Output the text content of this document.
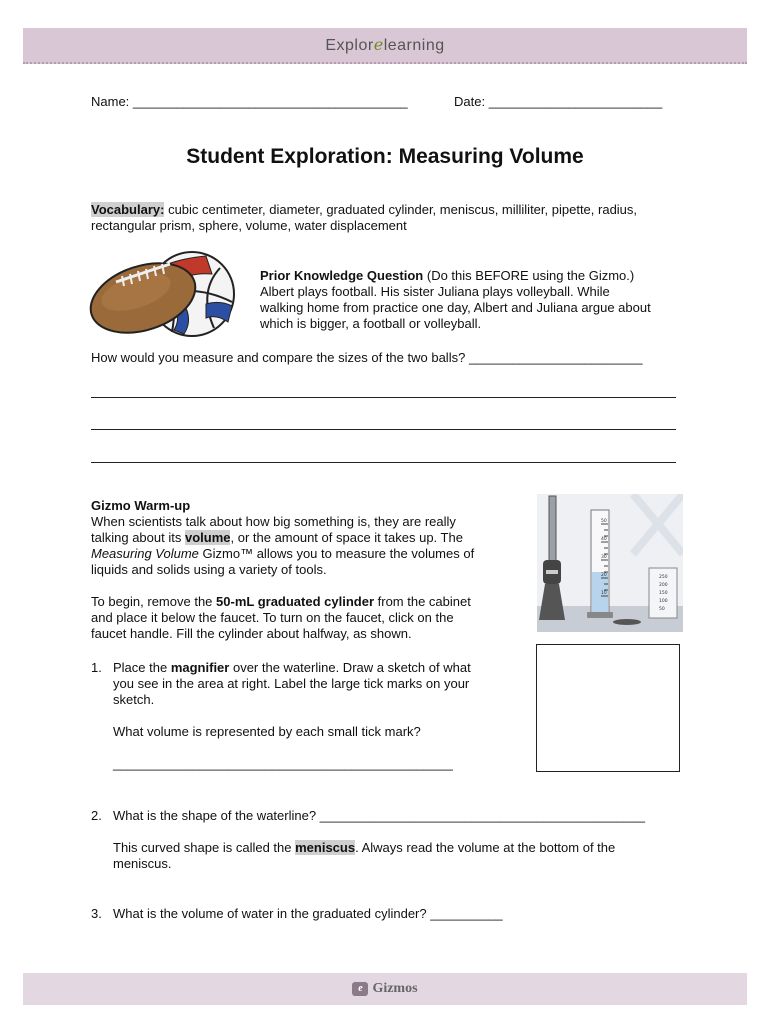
Explorelearning
Name: ______________________________________	Date: ________________________
Student Exploration: Measuring Volume

Vocabulary: cubic centimeter, diameter, graduated cylinder, meniscus, milliliter, pipette, radius,

rectangular prism, sphere, volume, water displacement

Prior Knowledge Question (Do this BEFORE using the Gizmo.)

Albert plays football. His sister Juliana plays volleyball. While

walking home from practice one day, Albert and Juliana argue about

which is bigger, a football or volleyball.

How would you measure and compare the sizes of the two balls? ________________________

Gizmo Warm-up

When scientists talk about how big something is, they are really

talking about its volume, or the amount of space it takes up. The

Measuring Volume Gizmo™ allows you to measure the volumes of

liquids and solids using a variety of tools.

To begin, remove the 50-mL graduated cylinder from the cabinet

and place it below the faucet. To turn on the faucet, click on the

faucet handle. Fill the cylinder about halfway, as shown.

50
40
30
20
10
250
200
150
100
50
1. Place the magnifier over the waterline. Draw a sketch of what

you see in the area at right. Label the large tick marks on your

sketch.

What volume is represented by each small tick mark?

_______________________________________________

2. What is the shape of the waterline? _____________________________________________

This curved shape is called the meniscus. Always read the volume at the bottom of the

meniscus.

3. What is the volume of water in the graduated cylinder? __________

e Gizmos
